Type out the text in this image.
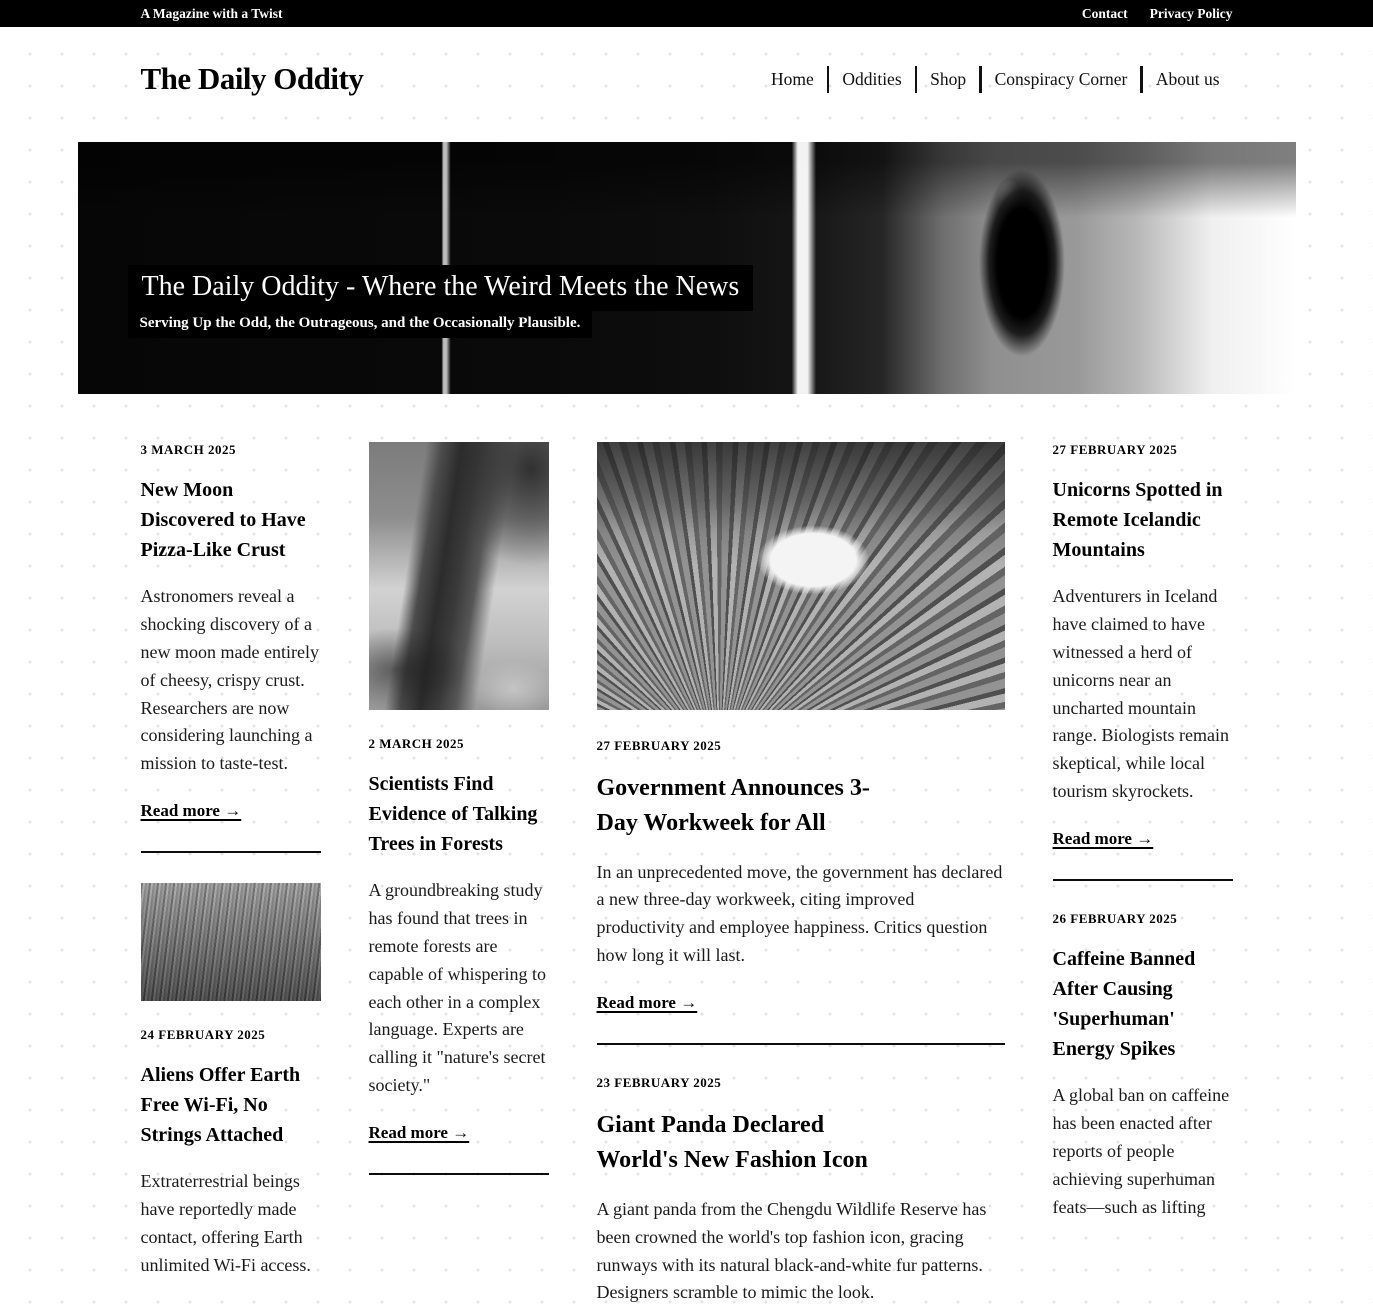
A Magazine with a Twist	Contact Privacy Policy
The Daily Oddity	Home	Oddities	Shop	Conspiracy Corner	About us
The Daily Oddity - Where the Weird Meets the News
Serving Up the Odd, the Outrageous, and the Occasionally Plausible.
3 MARCH 2025
New Moon Discovered to Have Pizza-Like Crust

Astronomers reveal a shocking discovery of a new moon made entirely of cheesy, crispy crust. Researchers are now considering launching a mission to taste-test.

Read more →
24 FEBRUARY 2025
Aliens Offer Earth Free Wi-Fi, No Strings Attached

Extraterrestrial beings have reportedly made contact, offering Earth unlimited Wi-Fi access.

2 MARCH 2025
Scientists Find Evidence of Talking Trees in Forests

A groundbreaking study has found that trees in remote forests are capable of whispering to each other in a complex language. Experts are calling it "nature's secret society."

Read more →
27 FEBRUARY 2025
Government Announces 3-Day Workweek for All

In an unprecedented move, the government has declared a new three-day workweek, citing improved productivity and employee happiness. Critics question how long it will last.

Read more →
23 FEBRUARY 2025
Giant Panda Declared World's New Fashion Icon

A giant panda from the Chengdu Wildlife Reserve has been crowned the world's top fashion icon, gracing runways with its natural black-and-white fur patterns. Designers scramble to mimic the look.

27 FEBRUARY 2025
Unicorns Spotted in Remote Icelandic Mountains

Adventurers in Iceland have claimed to have witnessed a herd of unicorns near an uncharted mountain range. Biologists remain skeptical, while local tourism skyrockets.

Read more →
26 FEBRUARY 2025
Caffeine Banned After Causing 'Superhuman' Energy Spikes

A global ban on caffeine has been enacted after reports of people achieving superhuman feats—such as lifting
